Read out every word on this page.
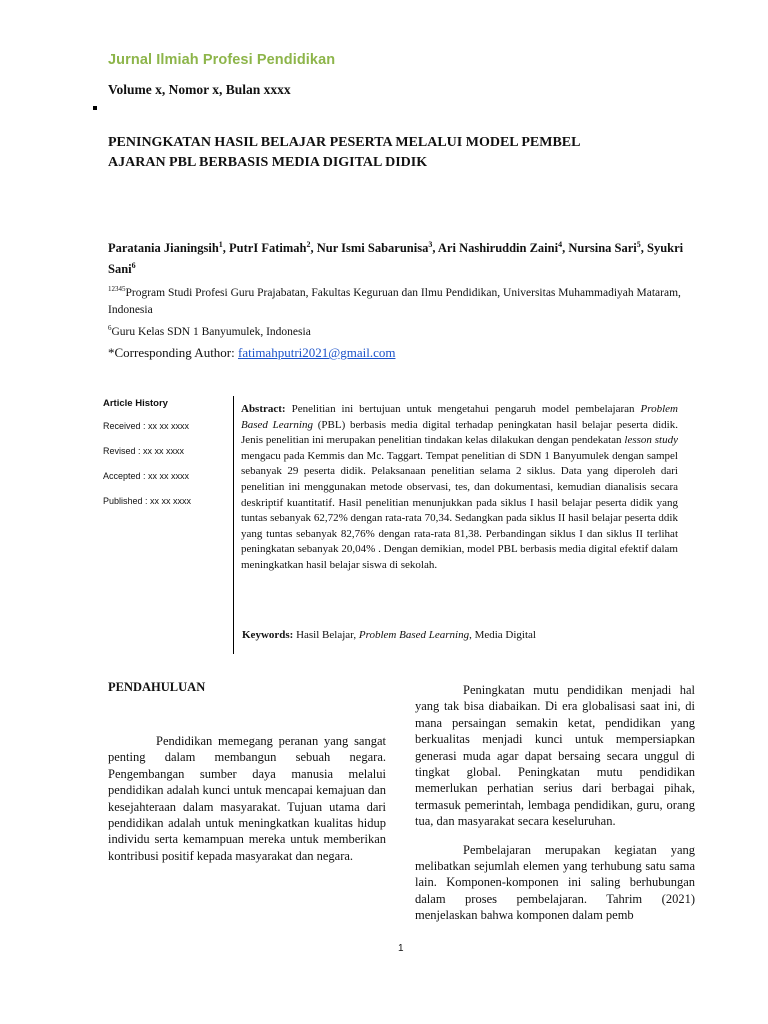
Jurnal Ilmiah Profesi Pendidikan
Volume x, Nomor x, Bulan xxxx
PENINGKATAN HASIL BELAJAR PESERTA MELALUI MODEL PEMBEL
AJARAN PBL BERBASIS MEDIA DIGITAL DIDIK
Paratania Jianingsih$^1$, PutrI Fatimah$^2$, Nur Ismi Sabarunisa$^3$, Ari Nashiruddin Zaini$^4$, Nursina Sari$^5$, Syukri Sani$^6$
$^{12345}$Program Studi Profesi Guru Prajabatan, Fakultas Keguruan dan Ilmu Pendidikan, Universitas Muhammadiyah Mataram, Indonesia
$^6$Guru Kelas SDN 1 Banyumulek, Indonesia
*Corresponding Author: fatimahputri2021@gmail.com
Article History
Received : xx xx xxxx
Revised : xx xx xxxx
Accepted : xx xx xxxx
Published : xx xx xxxx
Abstract: Penelitian ini bertujuan untuk mengetahui pengaruh model pembelajaran Problem Based Learning (PBL) berbasis media digital terhadap peningkatan hasil belajar peserta didik. Jenis penelitian ini merupakan penelitian tindakan kelas dilakukan dengan pendekatan lesson study mengacu pada Kemmis dan Mc. Taggart. Tempat penelitian di SDN 1 Banyumulek dengan sampel sebanyak 29 peserta didik. Pelaksanaan penelitian selama 2 siklus. Data yang diperoleh dari penelitian ini menggunakan metode observasi, tes, dan dokumentasi, kemudian dianalisis secara deskriptif kuantitatif. Hasil penelitian menunjukkan pada siklus I hasil belajar peserta didik yang tuntas sebanyak 62,72% dengan rata-rata 70,34. Sedangkan pada siklus II hasil belajar peserta ddik yang tuntas sebanyak 82,76% dengan rata-rata 81,38. Perbandingan siklus I dan siklus II terlihat peningkatan sebanyak 20,04% . Dengan demikian, model PBL berbasis media digital efektif dalam meningkatkan hasil belajar siswa di sekolah.
Keywords: Hasil Belajar, Problem Based Learning, Media Digital
PENDAHULUAN

Pendidikan memegang peranan yang sangat penting dalam membangun sebuah negara. Pengembangan sumber daya manusia melalui pendidikan adalah kunci untuk mencapai kemajuan dan kesejahteraan dalam masyarakat. Tujuan utama dari pendidikan adalah untuk meningkatkan kualitas hidup individu serta kemampuan mereka untuk memberikan kontribusi positif kepada masyarakat dan negara.

Peningkatan mutu pendidikan menjadi hal yang tak bisa diabaikan. Di era globalisasi saat ini, di mana persaingan semakin ketat, pendidikan yang berkualitas menjadi kunci untuk mempersiapkan generasi muda agar dapat bersaing secara unggul di tingkat global. Peningkatan mutu pendidikan memerlukan perhatian serius dari berbagai pihak, termasuk pemerintah, lembaga pendidikan, guru, orang tua, dan masyarakat secara keseluruhan.

Pembelajaran merupakan kegiatan yang melibatkan sejumlah elemen yang terhubung satu sama lain. Komponen-komponen ini saling berhubungan dalam proses pembelajaran. Tahrim (2021) menjelaskan bahwa komponen dalam pemb

1
